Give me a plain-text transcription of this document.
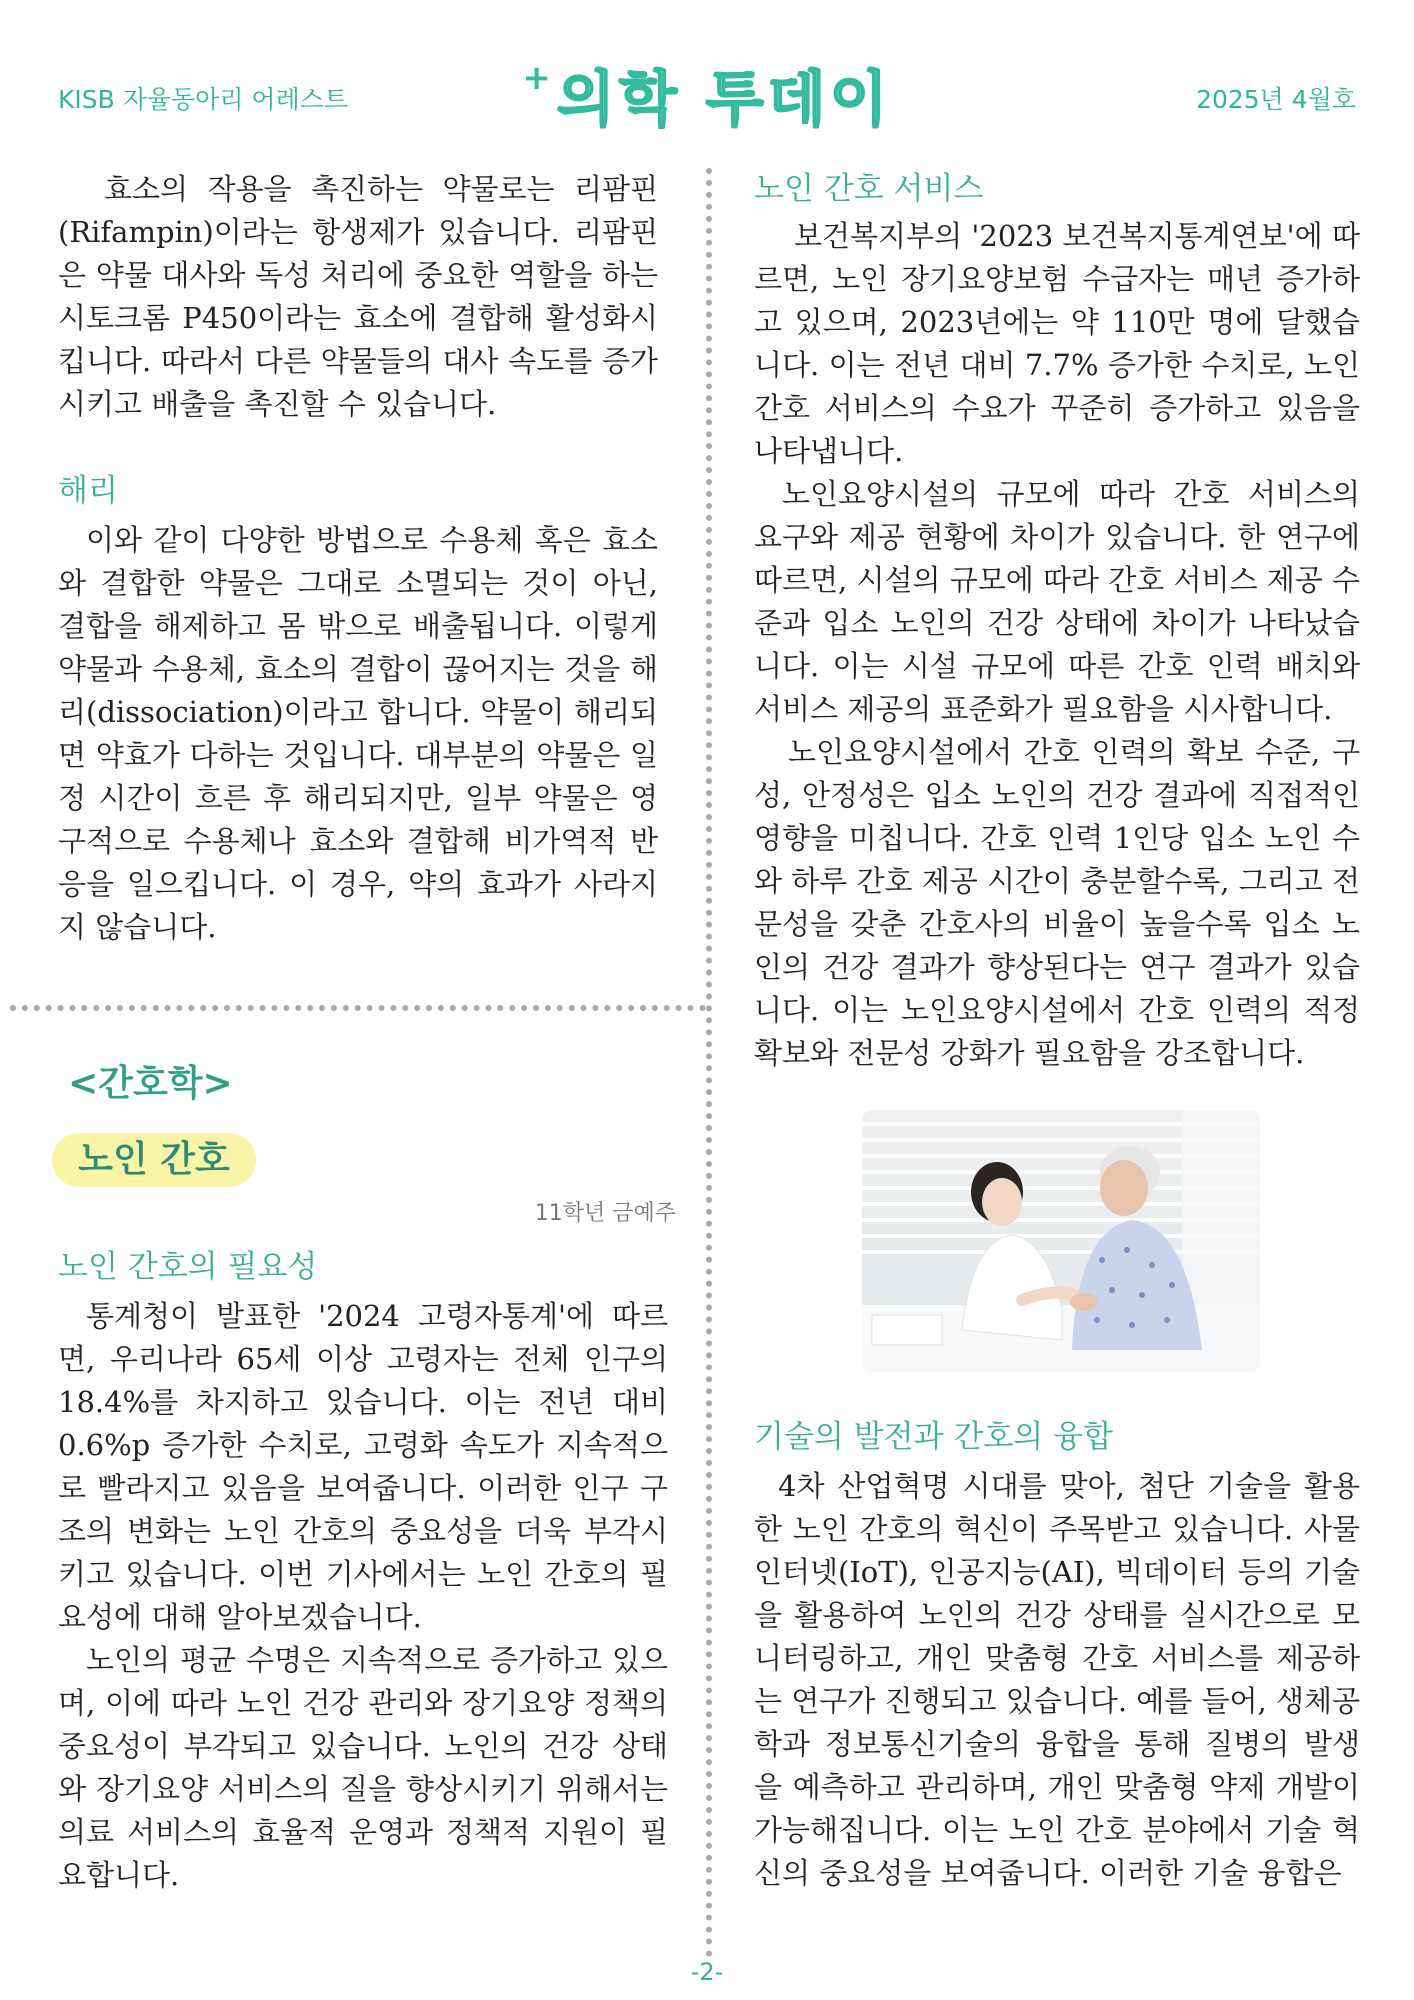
KISB 자율동아리 어레스트
+의학 투데이	2025년 4월호

효소의 작용을 촉진하는 약물로는 리팜핀(Rifampin)이라는 항생제가 있습니다. 리팜핀은 약물 대사와 독성 처리에 중요한 역할을 하는 시토크롬 P450이라는 효소에 결합해 활성화시킵니다. 따라서 다른 약물들의 대사 속도를 증가시키고 배출을 촉진할 수 있습니다.

해리

이와 같이 다양한 방법으로 수용체 혹은 효소와 결합한 약물은 그대로 소멸되는 것이 아닌, 결합을 해제하고 몸 밖으로 배출됩니다. 이렇게 약물과 수용체, 효소의 결합이 끊어지는 것을 해리(dissociation)이라고 합니다. 약물이 해리되면 약효가 다하는 것입니다. 대부분의 약물은 일정 시간이 흐른 후 해리되지만, 일부 약물은 영구적으로 수용체나 효소와 결합해 비가역적 반응을 일으킵니다. 이 경우, 약의 효과가 사라지지 않습니다.

<간호학>
노인 간호
11학년 금예주
노인 간호의 필요성

통계청이 발표한 '2024 고령자통계'에 따르면, 우리나라 65세 이상 고령자는 전체 인구의 18.4%를 차지하고 있습니다. 이는 전년 대비 0.6%p 증가한 수치로, 고령화 속도가 지속적으로 빨라지고 있음을 보여줍니다. 이러한 인구 구조의 변화는 노인 간호의 중요성을 더욱 부각시키고 있습니다. 이번 기사에서는 노인 간호의 필요성에 대해 알아보겠습니다.

노인의 평균 수명은 지속적으로 증가하고 있으며, 이에 따라 노인 건강 관리와 장기요양 정책의 중요성이 부각되고 있습니다. 노인의 건강 상태와 장기요양 서비스의 질을 향상시키기 위해서는 의료 서비스의 효율적 운영과 정책적 지원이 필요합니다.

노인 간호 서비스

보건복지부의 '2023 보건복지통계연보'에 따르면, 노인 장기요양보험 수급자는 매년 증가하고 있으며, 2023년에는 약 110만 명에 달했습니다. 이는 전년 대비 7.7% 증가한 수치로, 노인 간호 서비스의 수요가 꾸준히 증가하고 있음을 나타냅니다.

노인요양시설의 규모에 따라 간호 서비스의 요구와 제공 현황에 차이가 있습니다. 한 연구에 따르면, 시설의 규모에 따라 간호 서비스 제공 수준과 입소 노인의 건강 상태에 차이가 나타났습니다. 이는 시설 규모에 따른 간호 인력 배치와 서비스 제공의 표준화가 필요함을 시사합니다.

노인요양시설에서 간호 인력의 확보 수준, 구성, 안정성은 입소 노인의 건강 결과에 직접적인 영향을 미칩니다. 간호 인력 1인당 입소 노인 수와 하루 간호 제공 시간이 충분할수록, 그리고 전문성을 갖춘 간호사의 비율이 높을수록 입소 노인의 건강 결과가 향상된다는 연구 결과가 있습니다. 이는 노인요양시설에서 간호 인력의 적정 확보와 전문성 강화가 필요함을 강조합니다.

기술의 발전과 간호의 융합

4차 산업혁명 시대를 맞아, 첨단 기술을 활용한 노인 간호의 혁신이 주목받고 있습니다. 사물인터넷(IoT), 인공지능(AI), 빅데이터 등의 기술을 활용하여 노인의 건강 상태를 실시간으로 모니터링하고, 개인 맞춤형 간호 서비스를 제공하는 연구가 진행되고 있습니다. 예를 들어, 생체공학과 정보통신기술의 융합을 통해 질병의 발생을 예측하고 관리하며, 개인 맞춤형 약제 개발이 가능해집니다. 이는 노인 간호 분야에서 기술 혁신의 중요성을 보여줍니다. 이러한 기술 융합은

-2-
